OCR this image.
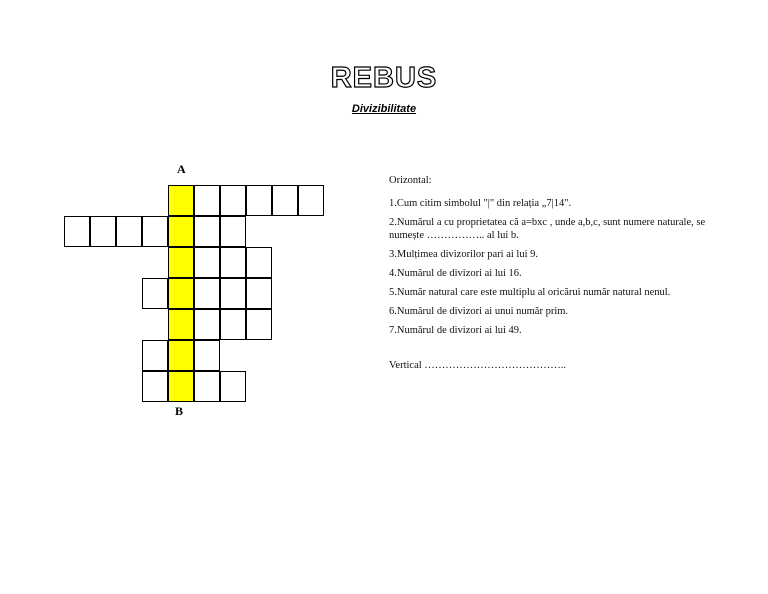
REBUS
Divizibilitate
A
B
Orizontal:
1.Cum citim simbolul "|" din relația „7|14".
2.Numărul a cu proprietatea că a=bxc , unde a,b,c, sunt numere naturale, se numește …………….. al lui b.
3.Mulțimea divizorilor pari ai lui 9.
4.Numărul de divizori ai lui 16.
5.Număr natural care este multiplu al oricărui număr natural nenul.
6.Numărul de divizori ai unui număr prim.
7.Numărul de divizori ai lui 49.
Vertical …………………………………..
